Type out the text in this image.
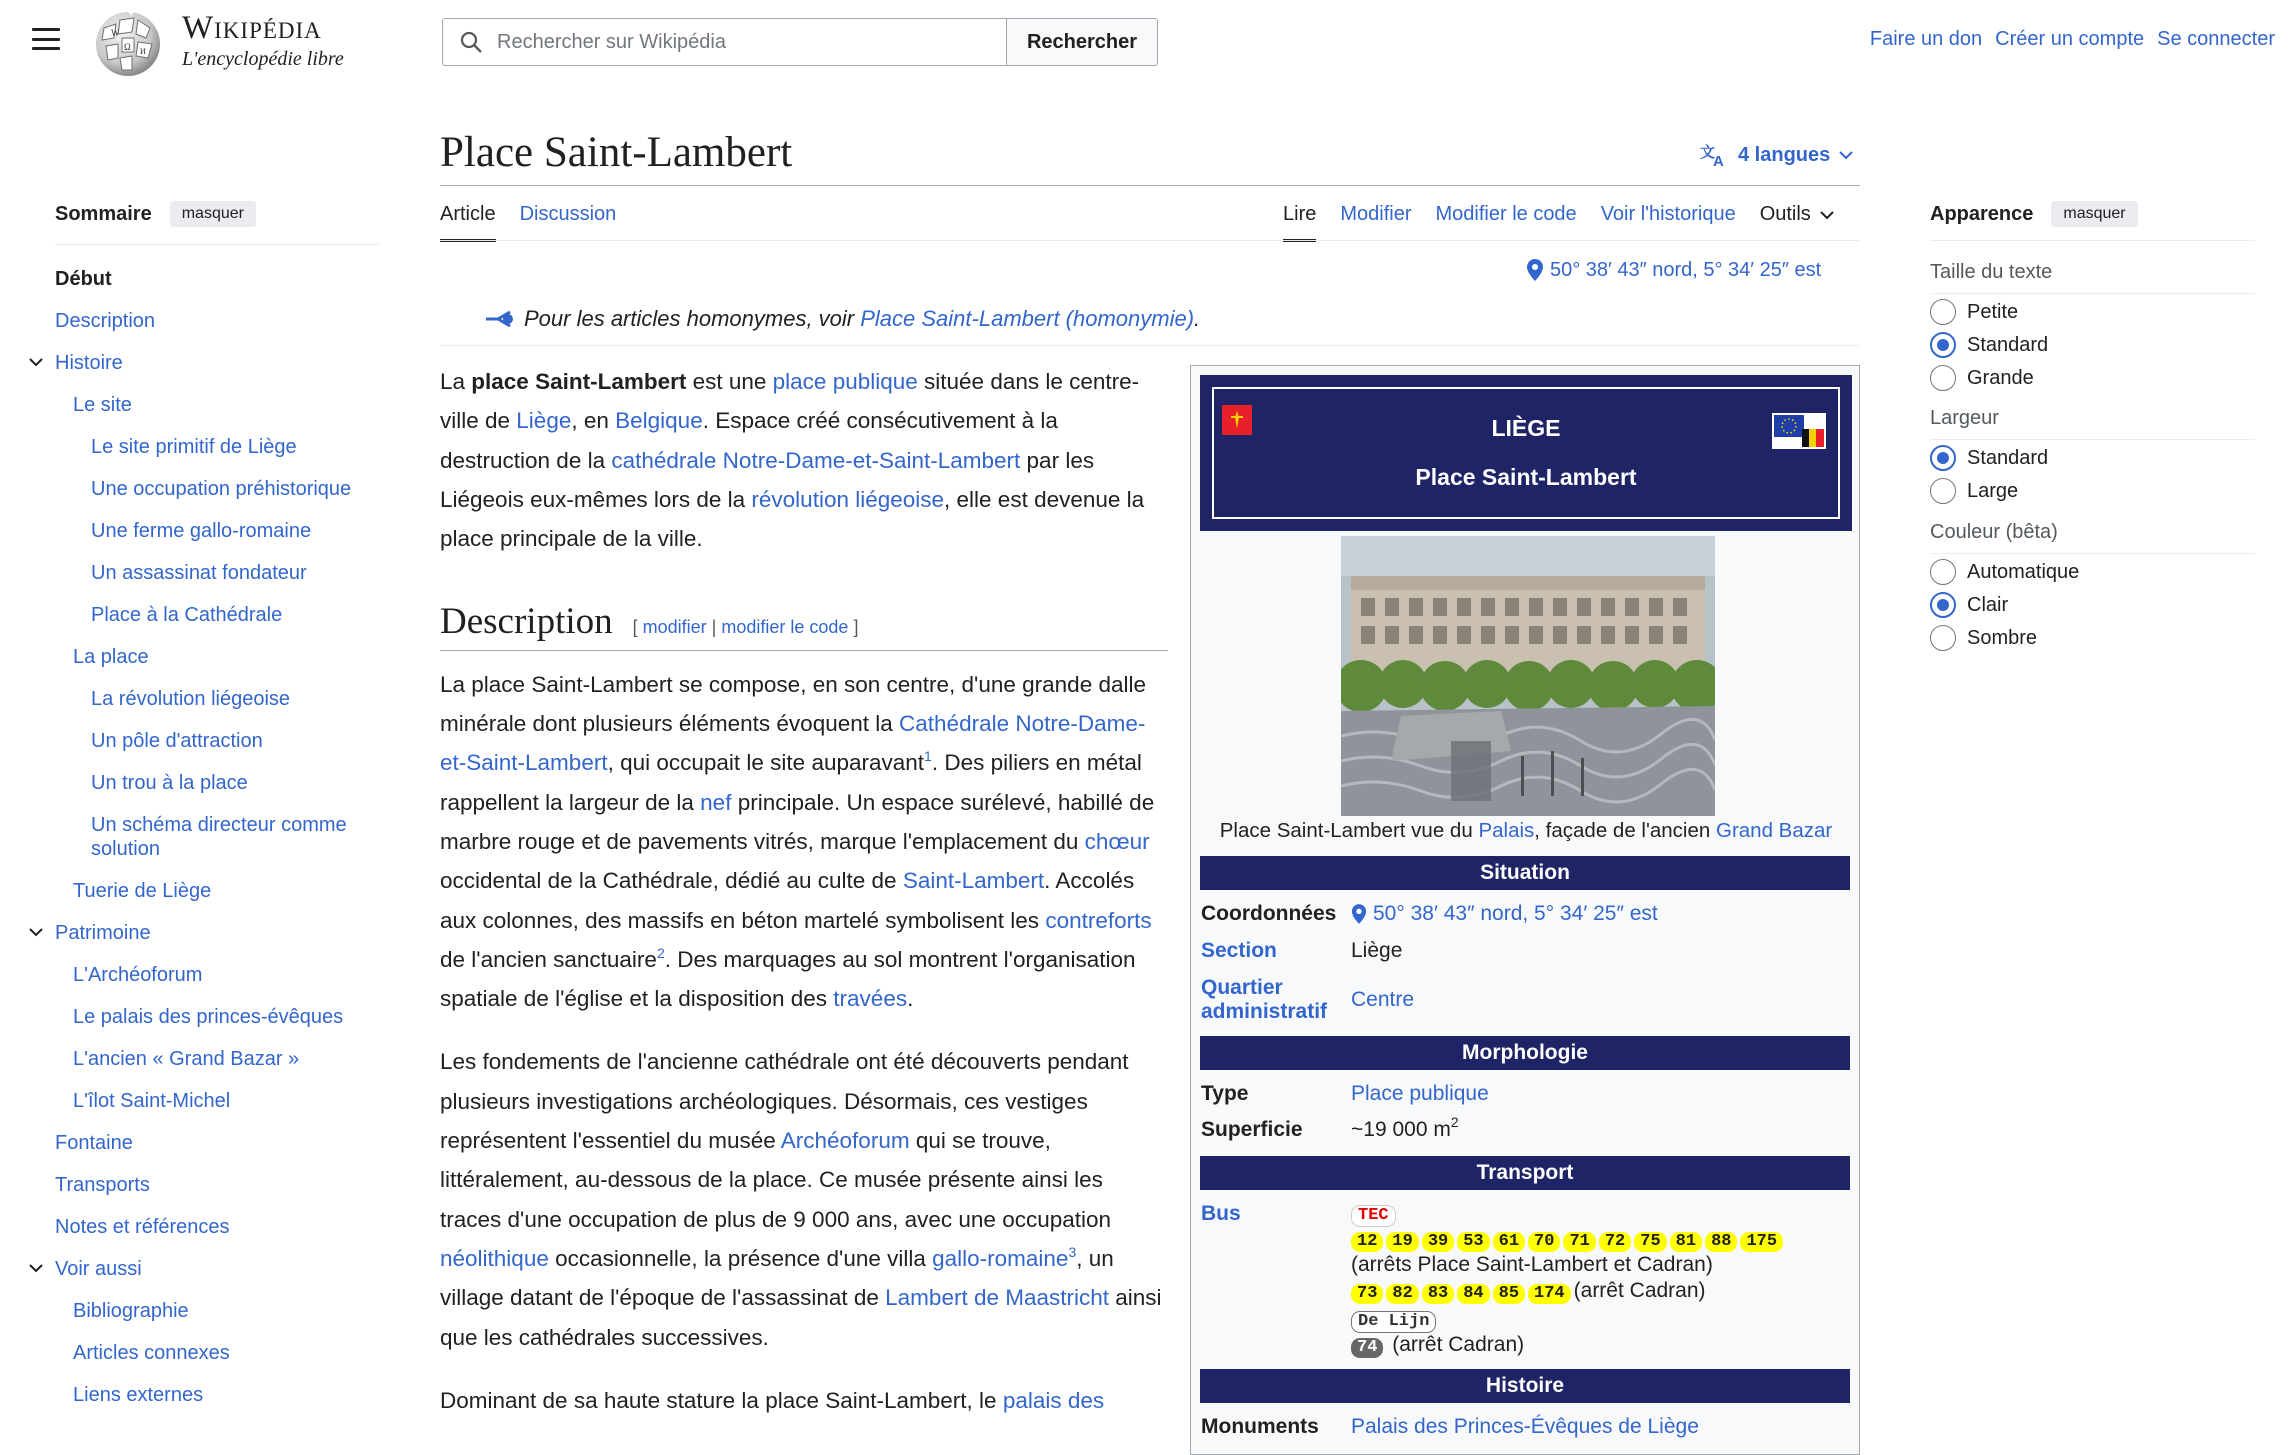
W
Ω И
Wikipédia
L'encyclopédie libre
Rechercher sur Wikipédia
Rechercher	Faire un don Créer un compte Se connecter
Sommaire	masquer
Début
Description
Histoire
Le site
Le site primitif de Liège
Une occupation préhistorique
Une ferme gallo-romaine
Un assassinat fondateur
Place à la Cathédrale
La place
La révolution liégeoise
Un pôle d'attraction
Un trou à la place
Un schéma directeur comme
solution
Tuerie de Liège
Patrimoine
L'Archéoforum
Le palais des princes-évêques
L'ancien « Grand Bazar »
L'îlot Saint-Michel
Fontaine
Transports
Notes et références
Voir aussi
Bibliographie
Articles connexes
Liens externes
Place Saint-Lambert	文
A 4 langues
Article Discussion	Lire Modifier Modifier le code Voir l'historique Outils
50° 38′ 43″ nord, 5° 34′ 25″ est
Pour les articles homonymes, voir Place Saint-Lambert (homonymie).

La place Saint-Lambert est une place publique située dans le centre-ville de Liège, en Belgique. Espace créé consécutivement à la destruction de la cathédrale Notre-Dame-et-Saint-Lambert par les Liégeois eux-mêmes lors de la révolution liégeoise, elle est devenue la place principale de la ville.

Description [ modifier | modifier le code ]

La place Saint-Lambert se compose, en son centre, d'une grande dalle minérale dont plusieurs éléments évoquent la Cathédrale Notre-Dame-et-Saint-Lambert, qui occupait le site auparavant$^1$. Des piliers en métal rappellent la largeur de la nef principale. Un espace surélevé, habillé de marbre rouge et de pavements vitrés, marque l'emplacement du chœur occidental de la Cathédrale, dédié au culte de Saint-Lambert. Accolés aux colonnes, des massifs en béton martelé symbolisent les contreforts de l'ancien sanctuaire$^2$. Des marquages au sol montrent l'organisation spatiale de l'église et la disposition des travées.

Les fondements de l'ancienne cathédrale ont été découverts pendant plusieurs investigations archéologiques. Désormais, ces vestiges représentent l'essentiel du musée Archéoforum qui se trouve, littéralement, au-dessous de la place. Ce musée présente ainsi les traces d'une occupation de plus de 9 000 ans, avec une occupation néolithique occasionnelle, la présence d'une villa gallo-romaine$^3$, un village datant de l'époque de l'assassinat de Lambert de Maastricht ainsi que les cathédrales successives.

Dominant de sa haute stature la place Saint-Lambert, le palais des

LIÈGE
Place Saint-Lambert
Place Saint-Lambert vue du Palais, façade de l'ancien Grand Bazar
Situation
Coordonnées 50° 38′ 43″ nord, 5° 34′ 25″ est
Section	Liège
Quartier
administratif
Centre
Morphologie
Type	Place publique
Superficie ~19 000 $m^2$
Transport
Bus	TEC
12 19 39 53 61 70 71 72 75 81 88 175
(arrêts Place Saint-Lambert et Cadran)
73 82 83 84 85 174 (arrêt Cadran)
De Lijn
74 (arrêt Cadran)
Histoire
Monuments Palais des Princes-Évêques de Liège
Apparence	masquer
Taille du texte
Petite
Standard
Grande
Largeur
Standard
Large
Couleur (bêta)
Automatique
Clair
Sombre
